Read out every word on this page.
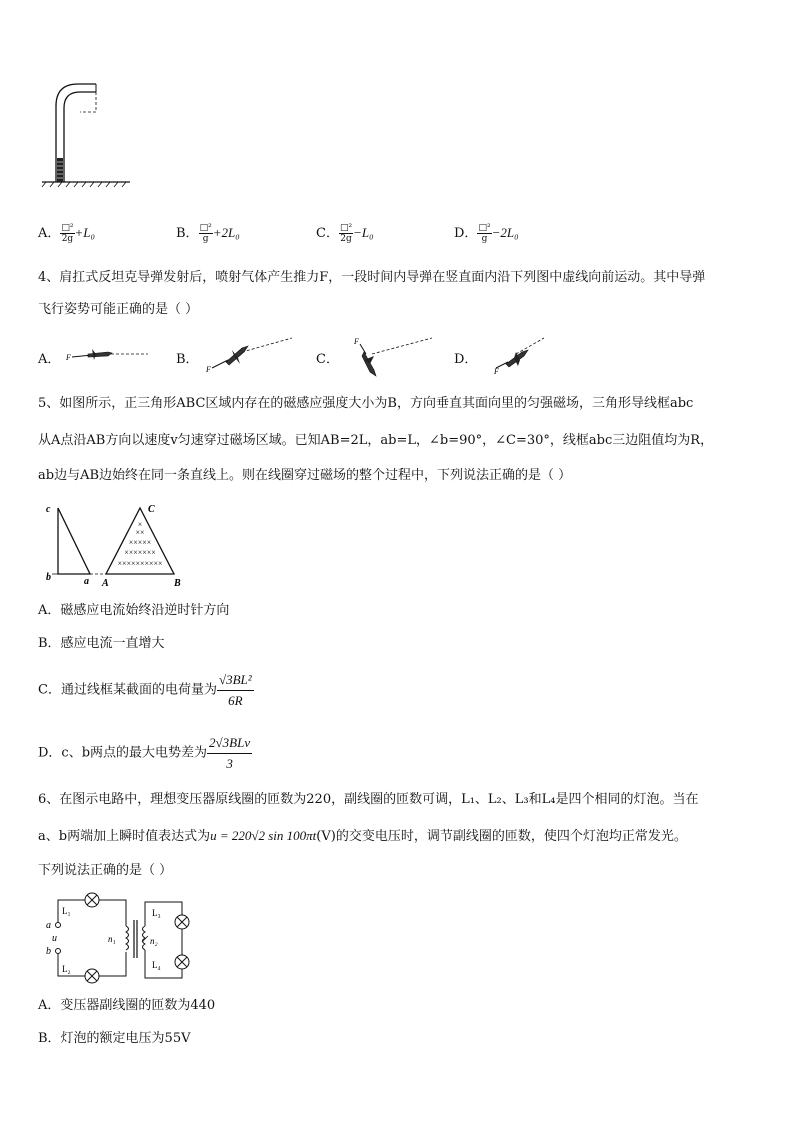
A． $\frac{\text{□²}}{2g} +L_0$	B． $\frac{\text{□²}}{g} +2L_0$	C． $\frac{\text{□²}}{2g} -L_0$	D． $\frac{\text{□²}}{g} -2L_0$
4、肩扛式反坦克导弹发射后，喷射气体产生推力F，一段时间内导弹在竖直面内沿下列图中虚线向前运动。其中导弹
飞行姿势可能正确的是（ ）
A． F	B．
F
C．
F
D．
F
5、如图所示，正三角形ABC区域内存在的磁感应强度大小为B，方向垂直其面向里的匀强磁场，三角形导线框abc
从A点沿AB方向以速度v匀速穿过磁场区域。已知AB=2L，ab=L，∠b=90°，∠C=30°，线框abc三边阻值均为R，
ab边与AB边始终在同一条直线上。则在线圈穿过磁场的整个过程中，下列说法正确的是（ ）
×
××
×××××
×××××××
××××××××××
c
b	a A	B
C
A．磁感应电流始终沿逆时针方向
B．感应电流一直增大
C．通过线框某截面的电荷量为 $\frac{\text{√3BL²}}{6R}$
D．c、b两点的最大电势差为 $\frac{\text{2√3BLv}}{3}$
6、在图示电路中，理想变压器原线圈的匝数为220，副线圈的匝数可调，L₁、L₂、L₃和L₄是四个相同的灯泡。当在
a、b两端加上瞬时值表达式为u = 220√2 sin 100πt(V)的交变电压时，调节副线圈的匝数，使四个灯泡均正常发光。
下列说法正确的是（ ）
L₁
L₂
L₃
L₄
a
u
b
n₁	n₂
A．变压器副线圈的匝数为440
B．灯泡的额定电压为55V
